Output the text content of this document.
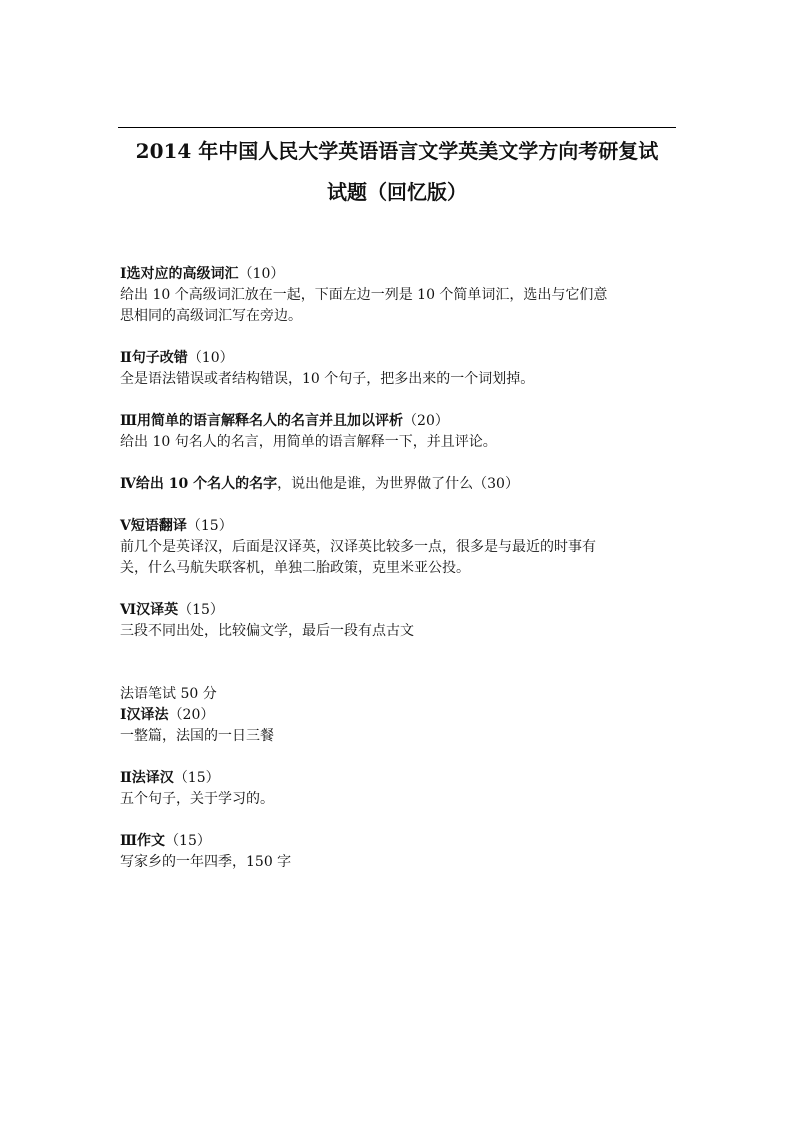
2014 年中国人民大学英语语言文学英美文学方向考研复试
试题（回忆版）

Ⅰ选对应的高级词汇（10）

给出 10 个高级词汇放在一起，下面左边一列是 10 个简单词汇，选出与它们意

思相同的高级词汇写在旁边。

Ⅱ句子改错（10）

全是语法错误或者结构错误，10 个句子，把多出来的一个词划掉。

Ⅲ用简单的语言解释名人的名言并且加以评析（20）

给出 10 句名人的名言，用简单的语言解释一下，并且评论。

Ⅳ给出 10 个名人的名字，说出他是谁，为世界做了什么（30）

Ⅴ短语翻译（15）

前几个是英译汉，后面是汉译英，汉译英比较多一点，很多是与最近的时事有

关，什么马航失联客机，单独二胎政策，克里米亚公投。

Ⅵ汉译英（15）

三段不同出处，比较偏文学，最后一段有点古文

法语笔试 50 分

Ⅰ汉译法（20）

一整篇，法国的一日三餐

Ⅱ法译汉（15）

五个句子，关于学习的。

Ⅲ作文（15）

写家乡的一年四季，150 字
